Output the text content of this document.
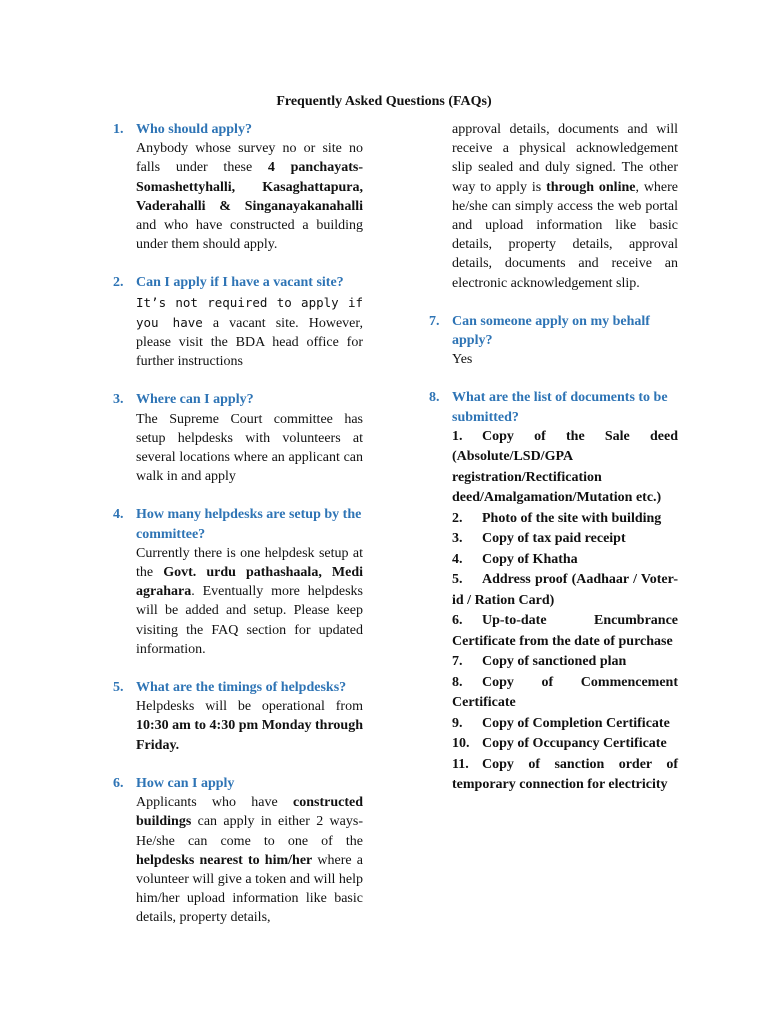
Frequently Asked Questions (FAQs)
1. Who should apply?
Anybody whose survey no or site no falls under these 4 panchayats- Somashettyhalli, Kasaghattapura, Vaderahalli & Singanayakanahalli and who have constructed a building under them should apply.
2. Can I apply if I have a vacant site?
It’s not required to apply if you have a vacant site. However, please visit the BDA head office for further instructions
3. Where can I apply?
The Supreme Court committee has setup helpdesks with volunteers at several locations where an applicant can walk in and apply
4. How many helpdesks are setup by the committee?
Currently there is one helpdesk setup at the Govt. urdu pathashaala, Medi agrahara. Eventually more helpdesks will be added and setup. Please keep visiting the FAQ section for updated information.
5. What are the timings of helpdesks?
Helpdesks will be operational from 10:30 am to 4:30 pm Monday through Friday.
6. How can I apply
Applicants who have constructed buildings can apply in either 2 ways- He/she can come to one of the helpdesks nearest to him/her where a volunteer will give a token and will help him/her upload information like basic details, property details,
approval details, documents and will receive a physical acknowledgement slip sealed and duly signed. The other way to apply is through online, where he/she can simply access the web portal and upload information like basic details, property details, approval details, documents and receive an electronic acknowledgement slip.
7. Can someone apply on my behalf apply?
Yes
8. What are the list of documents to be submitted?
1. Copy of the Sale deed (Absolute/LSD/GPA registration/Rectification deed/Amalgamation/Mutation etc.)
2. Photo of the site with building
3. Copy of tax paid receipt
4. Copy of Khatha
5. Address proof (Aadhaar / Voter-id / Ration Card)
6. Up-to-date Encumbrance Certificate from the date of purchase
7. Copy of sanctioned plan
8. Copy of Commencement Certificate
9. Copy of Completion Certificate
10. Copy of Occupancy Certificate
11. Copy of sanction order of temporary connection for electricity
